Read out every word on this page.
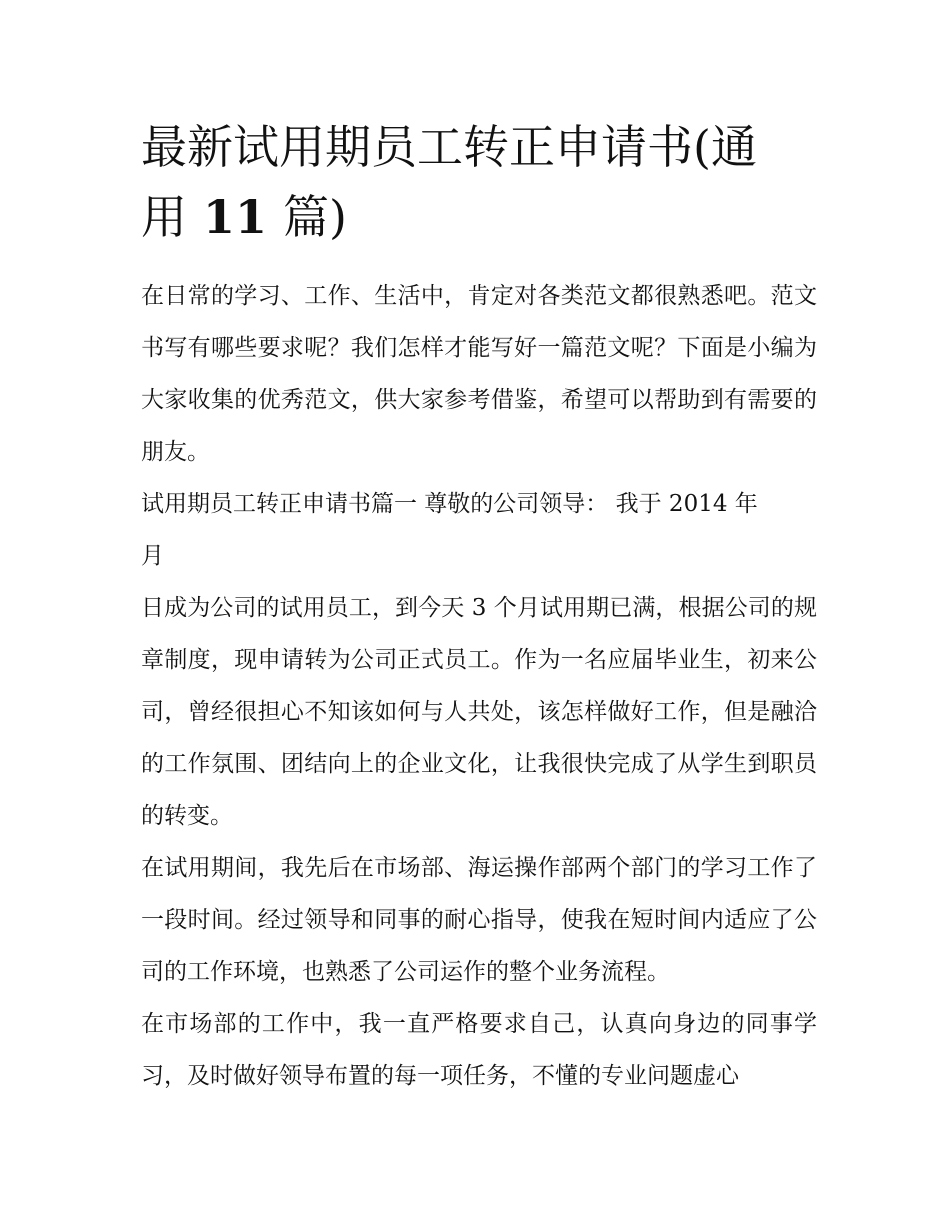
最新试用期员工转正申请书(通
用 11 篇)

在日常的学习、工作、生活中，肯定对各类范文都很熟悉吧。范文书写有哪些要求呢？我们怎样才能写好一篇范文呢？下面是小编为大家收集的优秀范文，供大家参考借鉴，希望可以帮助到有需要的朋友。

试用期员工转正申请书篇一 尊敬的公司领导： 我于 2014 年

月

日成为公司的试用员工，到今天 3 个月试用期已满，根据公司的规章制度，现申请转为公司正式员工。作为一名应届毕业生，初来公司，曾经很担心不知该如何与人共处，该怎样做好工作，但是融洽的工作氛围、团结向上的企业文化，让我很快完成了从学生到职员的转变。

在试用期间，我先后在市场部、海运操作部两个部门的学习工作了一段时间。经过领导和同事的耐心指导，使我在短时间内适应了公司的工作环境，也熟悉了公司运作的整个业务流程。

在市场部的工作中，我一直严格要求自己，认真向身边的同事学习，及时做好领导布置的每一项任务，不懂的专业问题虚心
